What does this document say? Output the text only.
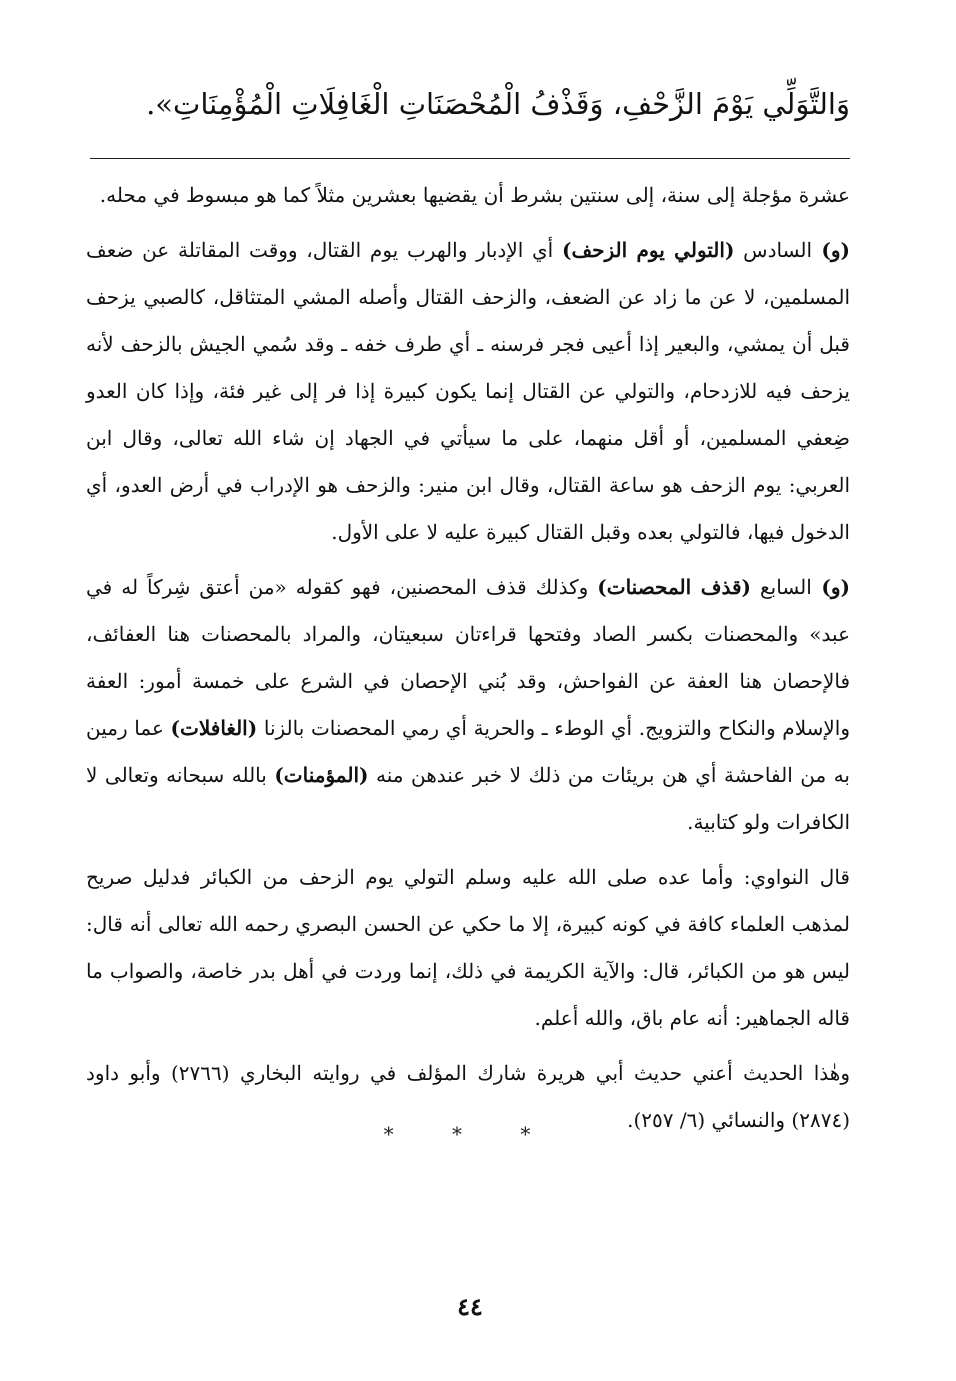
وَالتَّوَلِّي يَوْمَ الزَّحْفِ، وَقَذْفُ الْمُحْصَنَاتِ الْغَافِلَاتِ الْمُؤْمِنَاتِ».

عشرة مؤجلة إلى سنة، إلى سنتين بشرط أن يقضيها بعشرين مثلاً كما هو مبسوط في محله.

(و) السادس (التولي يوم الزحف) أي الإدبار والهرب يوم القتال، ووقت المقاتلة عن ضعف المسلمين، لا عن ما زاد عن الضعف، والزحف القتال وأصله المشي المتثاقل، كالصبي يزحف قبل أن يمشي، والبعير إذا أعيى فجر فرسنه ـ أي طرف خفه ـ وقد سُمي الجيش بالزحف لأنه يزحف فيه للازدحام، والتولي عن القتال إنما يكون كبيرة إذا فر إلى غير فئة، وإذا كان العدو ضِعفي المسلمين، أو أقل منهما، على ما سيأتي في الجهاد إن شاء الله تعالى، وقال ابن العربي: يوم الزحف هو ساعة القتال، وقال ابن منير: والزحف هو الإدراب في أرض العدو، أي الدخول فيها، فالتولي بعده وقبل القتال كبيرة عليه لا على الأول.

(و) السابع (قذف المحصنات) وكذلك قذف المحصنين، فهو كقوله «من أعتق شِركاً له في عبد» والمحصنات بكسر الصاد وفتحها قراءتان سبعيتان، والمراد بالمحصنات هنا العفائف، فالإحصان هنا العفة عن الفواحش، وقد بُني الإحصان في الشرع على خمسة أمور: العفة والإسلام والنكاح والتزويج. أي الوطء ـ والحرية أي رمي المحصنات بالزنا (الغافلات) عما رمين به من الفاحشة أي هن بريئات من ذلك لا خبر عندهن منه (المؤمنات) بالله سبحانه وتعالى لا الكافرات ولو كتابية.

قال النواوي: وأما عده صلى الله عليه وسلم التولي يوم الزحف من الكبائر فدليل صريح لمذهب العلماء كافة في كونه كبيرة، إلا ما حكي عن الحسن البصري رحمه الله تعالى أنه قال: ليس هو من الكبائر، قال: والآية الكريمة في ذلك، إنما وردت في أهل بدر خاصة، والصواب ما قاله الجماهير: أنه عام باق، والله أعلم.

وهٰذا الحديث أعني حديث أبي هريرة شارك المؤلف في روايته البخاري (٢٧٦٦) وأبو داود (٢٨٧٤) والنسائي (٦/ ٢٥٧).

* * *
٤٤
